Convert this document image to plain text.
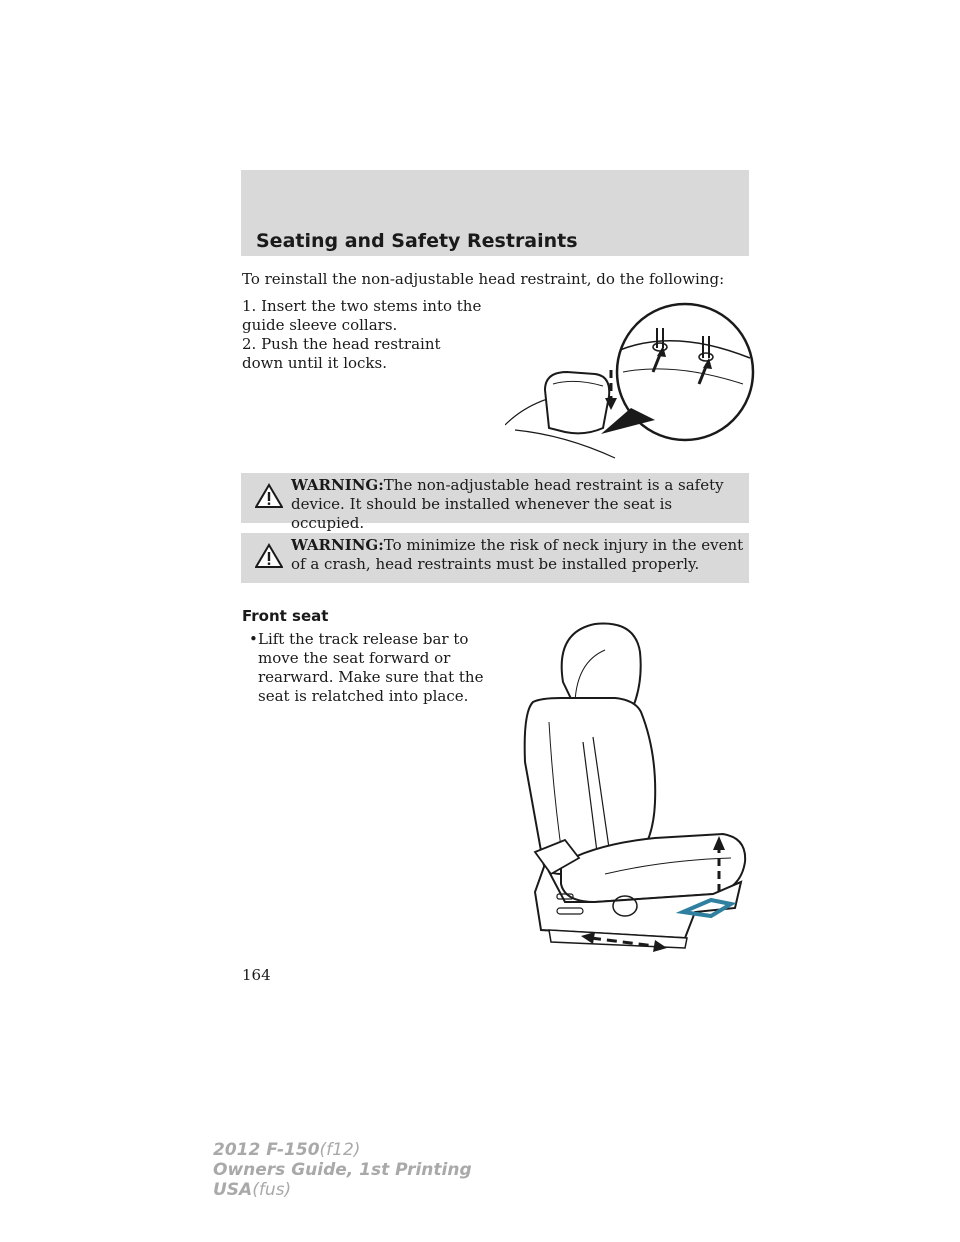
Seating and Safety Restraints
To reinstall the non-adjustable head restraint, do the following:
1. Insert the two stems into the guide sleeve collars.
2. Push the head restraint down until it locks.
WARNING:The non-adjustable head restraint is a safety device. It should be installed whenever the seat is occupied.
WARNING:To minimize the risk of neck injury in the event of a crash, head restraints must be installed properly.
Front seat
• Lift the track release bar to move the seat forward or rearward. Make sure that the seat is relatched into place.
164
2012 F-150(f12)
Owners Guide, 1st Printing
USA(fus)
